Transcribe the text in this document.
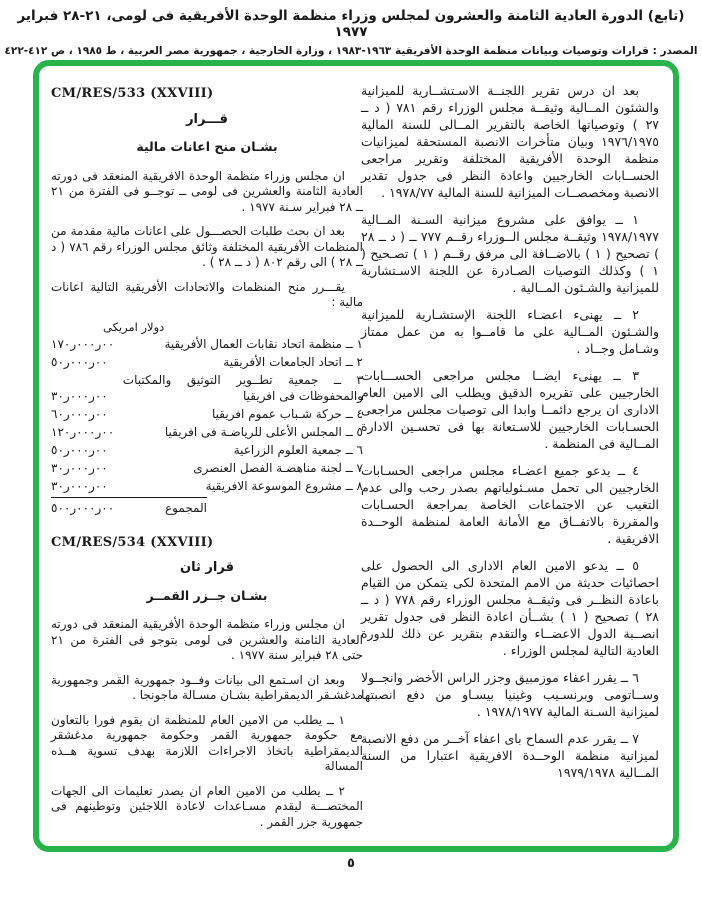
(تابع) الدورة العادية الثامنة والعشرون لمجلس وزراء منظمة الوحدة الأفريقية فى لومى، ٢١-٢٨ فبراير ١٩٧٧
المصدر : قرارات وتوصيات وبيانات منظمة الوحدة الأفريقية ١٩٦٣-١٩٨٣ ، وزارة الخارجية ، جمهورية مصر العربية ، ط ١٩٨٥ ، ص ٤١٢-٤٢٢

بعد ان درس تقرير اللجنــة الاسـتشــارية للميزانية والشئون المــالية وثيقــة مجلس الوزراء رقم ٧٨١ ( د ــ ٢٧ ) وتوصياتها الخاصة بالتقرير المــالى للسنة المالية ١٩٧٦/١٩٧٥ وبيان متأخرات الانصبة المستحقة لميزانيات منظمة الوحدة الأفريقية المختلفة وتقرير مراجعى الحســابات الخارجيين واعادة النظر فى جدول تقدير الانصبة ومخصصــات الميزانية للسنة المالية ١٩٧٨/٧٧ .

١ ــ يوافق على مشروع ميزانية السـنة المــالية ١٩٧٨/١٩٧٧ وثيقــة مجلس الــوزراء رقــم ٧٧٧ ــ ( د ــ ٢٨ ) تصحيح ( ١ ) بالاضــافة الى مرفق رقــم ( ١ ) تصـحيح ( ١ ) وكذلك التوصيات الصـادرة عن اللجنة الاسـتشارية للميزانية والشـئون المــالية .

٢ ــ يهنىء اعضـاء اللجنة الإستشـارية للميزانية والشـئون المــالية على ما قامــوا به من عمل ممتاز وشـامل وجــاد .

٣ ــ يهنىء ايضــا مجلس مراجعى الحســـابات الخارجيين على تقريره الدقيق ويطلب الى الامين العام الادارى ان يرجع دائمــا وابدا الى توصيات مجلس مراجعى الحسـابات الخارجيين للاسـتعانة بها فى تحسـين الادارة المــالية فى المنظمة .

٤ ــ يدعو جميع اعضـاء مجلس مراجعى الحسـابات الخارجيين الى تحمل مسـئولياتهم بصدر رحب والى عدم التغيب عن الاجتماعات الخاصة بمراجعة الحسـابات والمقررة بالاتفــاق مع الأمانة العامة لمنظمة الوحــدة الافريقية .

٥ ــ يدعو الامين العام الادارى الى الحصول على احصائيات حديثة من الامم المتحدة لكى يتمكن من القيام باعادة النظــر فى وثيقــة مجلس الوزراء رقم ٧٧٨ ( د ــ ٢٨ ) تصحيح ( ١ ) بشــأن اعادة النظر فى جدول تقرير انصــبة الدول الاعضــاء والتقدم بتقرير عن ذلك للدورة العادية التالية لمجلس الوزراء .

٦ ــ يقرر اعفاء موزمبيق وجزر الراس الأخضر وانجــولا وســاتومى وبرنسـيب وغينيا بيسـاو من دفع انصبتها لميزانية السـنة المالية ١٩٧٨/١٩٧٧ .

٧ ــ يقرر عدم السماح باى اعفاء آخــر من دفع الانصبة لميزانية منظمة الوحــدة الافريقية اعتبارا من السنة المــالية ١٩٧٩/١٩٧٨

CM/RES/533 (XXVIII)
قـــرار
بشـان منح اعانات مالية

ان مجلس وزراء منظمة الوحدة الافريقية المنعقد فى دورته العادية الثامنة والعشرين فى لومى ــ توجــو فى الفترة من ٢١ ــ ٢٨ فبراير سـنة ١٩٧٧ .

بعد ان بحث طلبات الحصـــول على اعانات مالية مقدمة من المنظمات الأفريقية المختلفة وثائق مجلس الوزراء رقم ٧٨٦ ( د ــ ٢٨ ) الى رقم ٨٠٢ ( د ــ ٢٨ ) .

يقـــرر منح المنظمات والاتحادات الأفريقية التالية اعانات مالية :

دولار امريكى
١ ــ منظمة اتحاد نقابات العمال الأفريقية
٠٠ر٠٠٠ر١٧٠
٢ ــ اتحاد الجامعات الأفريقية
٠٠ر٠٠٠ر٥٠
٣ ــ جمعية تطــوير التوثيق والمكتبات والمحفوظات فى افريقيا
٠٠ر٠٠٠ر٣٠
٤ ــ حركة شـباب عموم افريقيا
٠٠ر٠٠٠ر٦٠
٥ ــ المجلس الأعلى للرياضـة فى افريقيا
٠٠ر٠٠٠ر١٢٠
٦ ــ جمعية العلوم الزراعية
٠٠ر٠٠٠ر٥٠
٧ ــ لجنة مناهضـة الفصل العنصرى
٠٠ر٠٠٠ر٣٠
٨ ــ مشروع الموسوعة الافريقية
٠٠ر٠٠٠ر٣٠
المجموع
٠٠ر٠٠٠ر٥٠٠
CM/RES/534 (XXVIII)
قرار ثان
بشـان جــزر القمــر

ان مجلس وزراء منظمة الوحدة الأفريقية المنعقد فى دورته العادية الثامنة والعشرين فى لومى بتوجو فى الفترة من ٢١ حتى ٢٨ فبراير سنة ١٩٧٧ .

وبعد ان اسـتمع الى بيانات وفــود جمهورية القمر وجمهورية مدغشـقر الديمقراطية بشـان مسـالة ماجونجا .

١ ــ يطلب من الامين العام للمنظمة ان يقوم فورا بالتعاون مع حكومة جمهورية القمر وحكومة جمهورية مدغشقر الديمقراطية باتخاذ الاجراءات اللازمة بهدف تسوية هــذه المسالة

٢ ــ يطلب من الامين العام ان يصدر تعليمات الى الجهات المختصـــة ليقدم مسـاعدات لاعادة اللاجئين وتوطينهم فى جمهورية جزر القمر .

٥
